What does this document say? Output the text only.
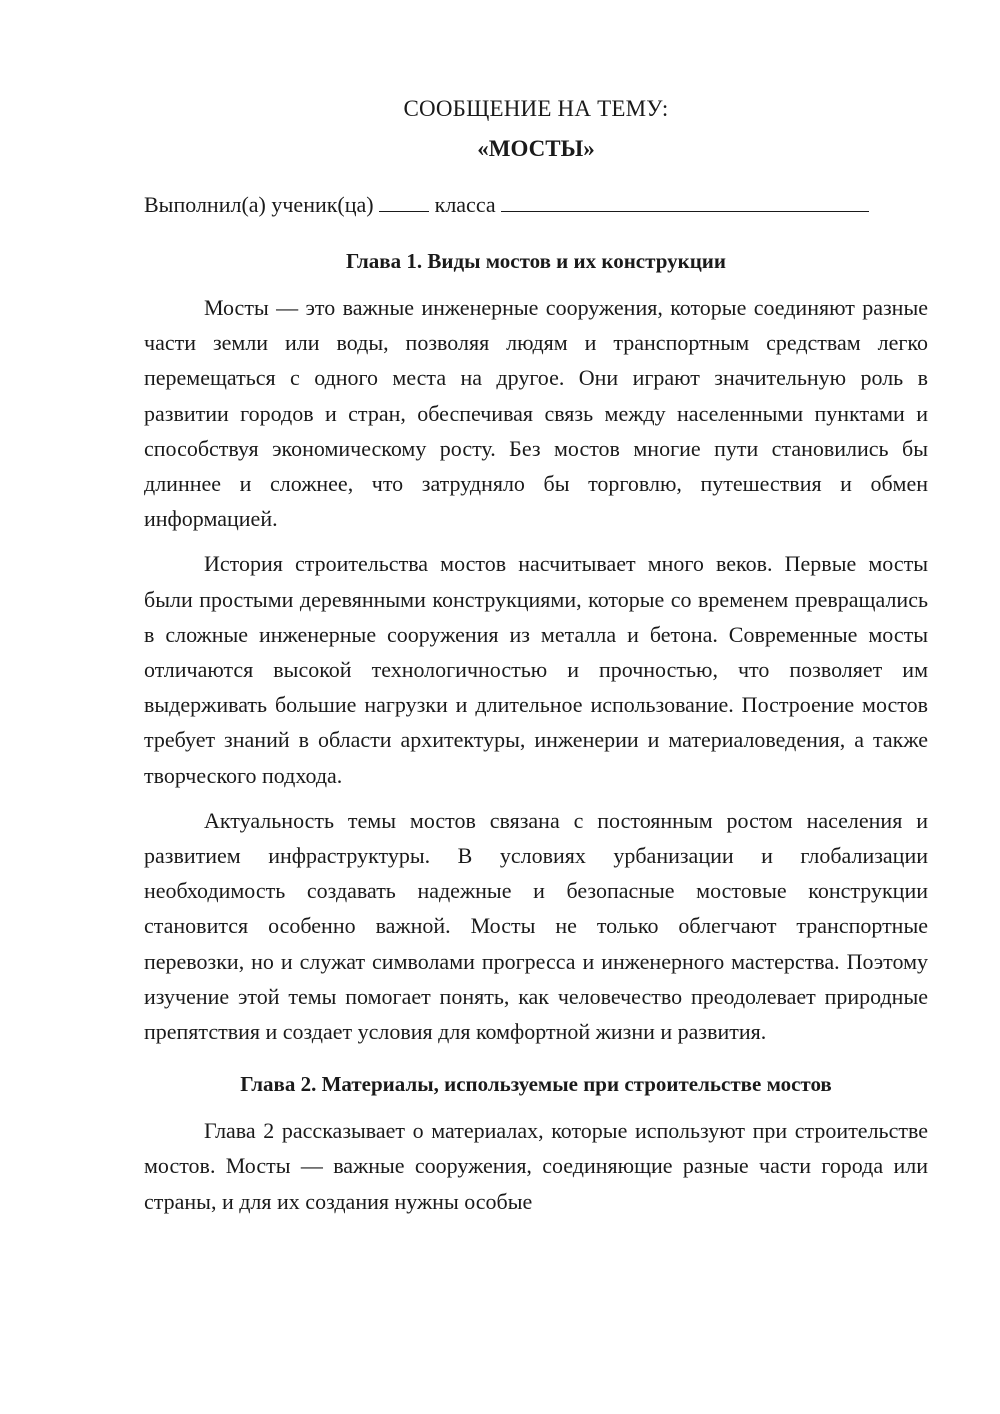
СООБЩЕНИЕ НА ТЕМУ:

«МОСТЫ»

Выполнил(а) ученик(ца)	класса

Глава 1. Виды мостов и их конструкции

Мосты — это важные инженерные сооружения, которые соединяют разные части земли или воды, позволяя людям и транспортным средствам легко перемещаться с одного места на другое. Они играют значительную роль в развитии городов и стран, обеспечивая связь между населенными пунктами и способствуя экономическому росту. Без мостов многие пути становились бы длиннее и сложнее, что затрудняло бы торговлю, путешествия и обмен информацией.

История строительства мостов насчитывает много веков. Первые мосты были простыми деревянными конструкциями, которые со временем превращались в сложные инженерные сооружения из металла и бетона. Современные мосты отличаются высокой технологичностью и прочностью, что позволяет им выдерживать большие нагрузки и длительное использование. Построение мостов требует знаний в области архитектуры, инженерии и материаловедения, а также творческого подхода.

Актуальность темы мостов связана с постоянным ростом населения и развитием инфраструктуры. В условиях урбанизации и глобализации необходимость создавать надежные и безопасные мостовые конструкции становится особенно важной. Мосты не только облегчают транспортные перевозки, но и служат символами прогресса и инженерного мастерства. Поэтому изучение этой темы помогает понять, как человечество преодолевает природные препятствия и создает условия для комфортной жизни и развития.

Глава 2. Материалы, используемые при строительстве мостов

Глава 2 рассказывает о материалах, которые используют при строительстве мостов. Мосты — важные сооружения, соединяющие разные части города или страны, и для их создания нужны особые
